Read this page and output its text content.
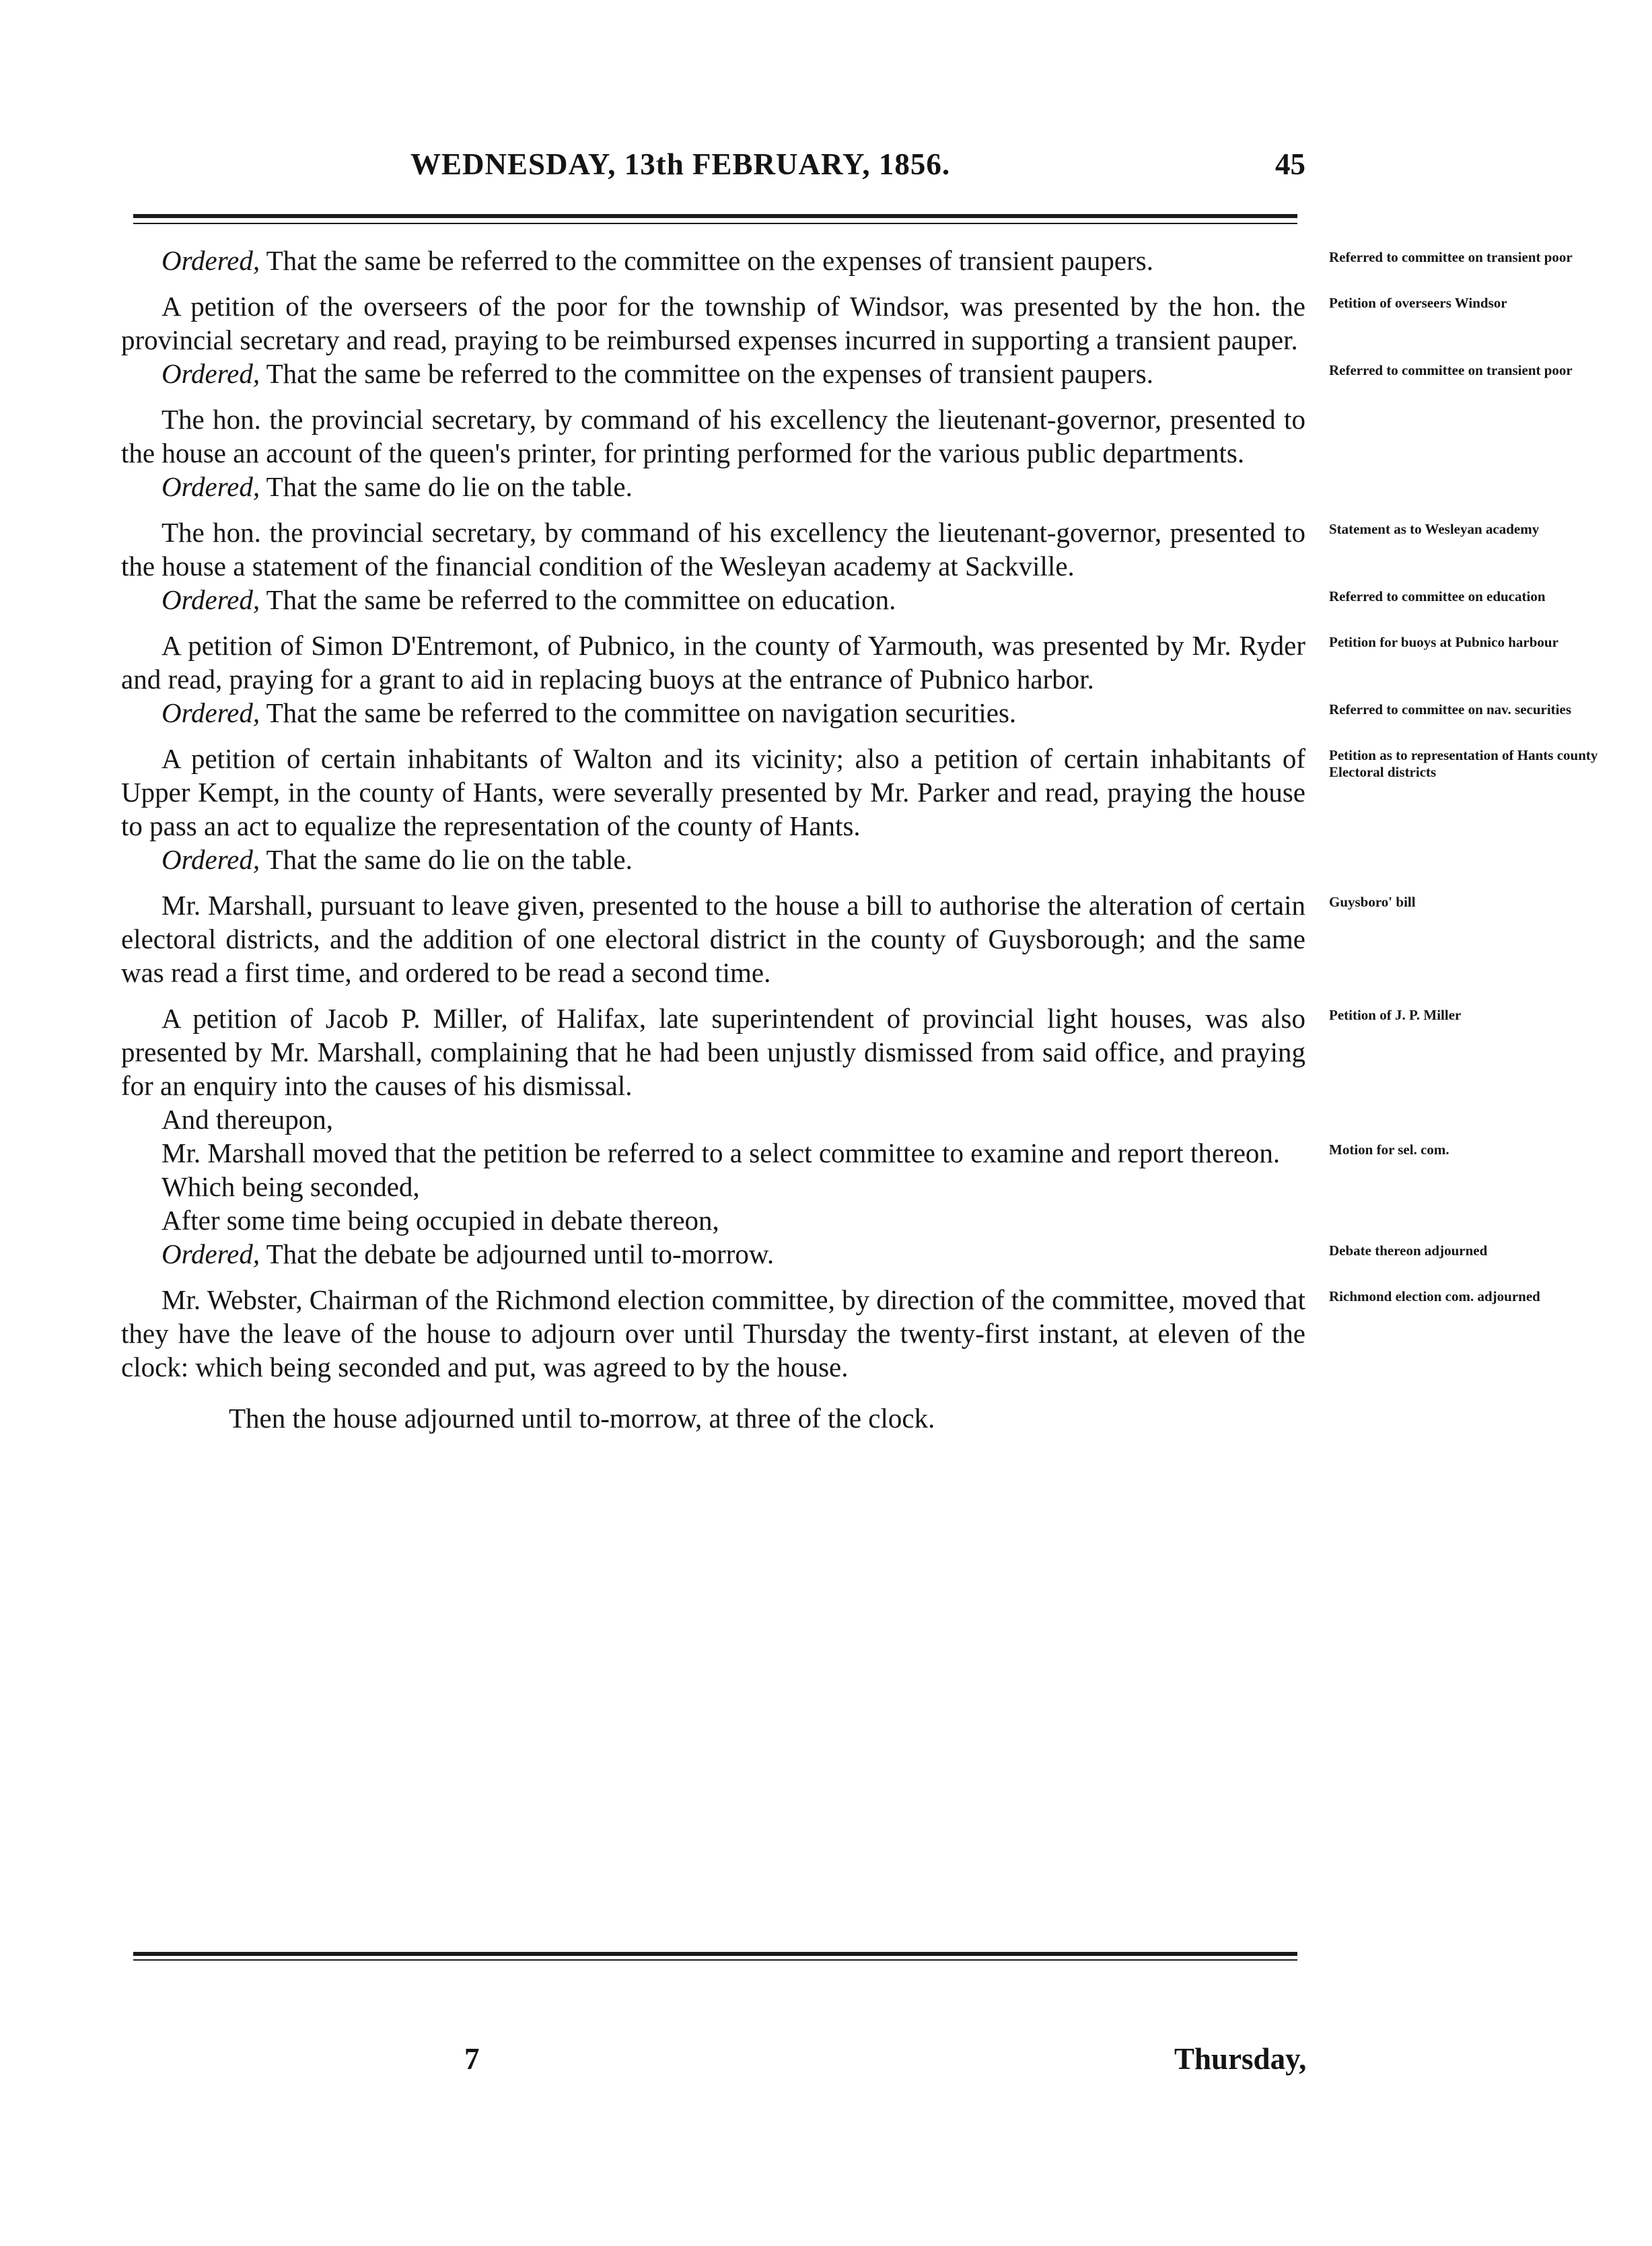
WEDNESDAY, 13th FEBRUARY, 1856.	45
Ordered, That the same be referred to the committee on the expenses of transient paupers.	Referred to committee on transient poor
A petition of the overseers of the poor for the township of Windsor, was presented by the hon. the provincial secretary and read, praying to be reimbursed expenses incurred in supporting a transient pauper.
Petition of overseers Windsor
Ordered, That the same be referred to the committee on the expenses of transient paupers.	Referred to committee on transient poor
The hon. the provincial secretary, by command of his excellency the lieutenant-governor, presented to the house an account of the queen's printer, for printing performed for the various public departments.
Ordered, That the same do lie on the table.
The hon. the provincial secretary, by command of his excellency the lieutenant-governor, presented to the house a statement of the financial condition of the Wesleyan academy at Sackville.
Statement as to Wesleyan academy
Ordered, That the same be referred to the committee on education.	Referred to committee on education
A petition of Simon D'Entremont, of Pubnico, in the county of Yarmouth, was presented by Mr. Ryder and read, praying for a grant to aid in replacing buoys at the entrance of Pubnico harbor.
Petition for buoys at Pubnico harbour
Ordered, That the same be referred to the committee on navigation securities.	Referred to committee on nav. securities
A petition of certain inhabitants of Walton and its vicinity; also a petition of certain inhabitants of Upper Kempt, in the county of Hants, were severally presented by Mr. Parker and read, praying the house to pass an act to equalize the representation of the county of Hants.
Petition as to representation of Hants county Electoral districts
Ordered, That the same do lie on the table.
Mr. Marshall, pursuant to leave given, presented to the house a bill to authorise the alteration of certain electoral districts, and the addition of one electoral district in the county of Guysborough; and the same was read a first time, and ordered to be read a second time.
Guysboro' bill
A petition of Jacob P. Miller, of Halifax, late superintendent of provincial light houses, was also presented by Mr. Marshall, complaining that he had been unjustly dismissed from said office, and praying for an enquiry into the causes of his dismissal.
Petition of J. P. Miller
And thereupon,
Mr. Marshall moved that the petition be referred to a select committee to examine and report thereon.	Motion for sel. com.
Which being seconded,
After some time being occupied in debate thereon,
Ordered, That the debate be adjourned until to-morrow.	Debate thereon adjourned
Mr. Webster, Chairman of the Richmond election committee, by direction of the committee, moved that they have the leave of the house to adjourn over until Thursday the twenty-first instant, at eleven of the clock: which being seconded and put, was agreed to by the house.
Richmond election com. adjourned
Then the house adjourned until to-morrow, at three of the clock.
7	Thursday,
